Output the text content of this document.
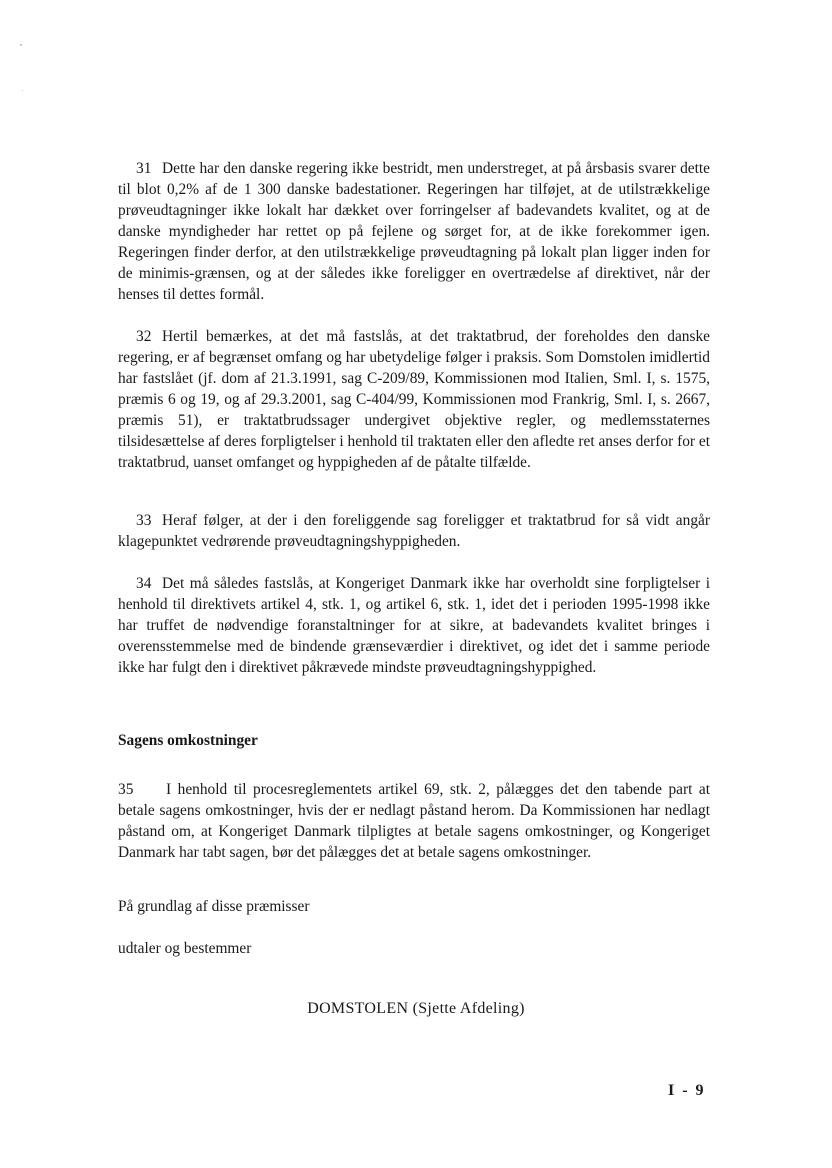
31 Dette har den danske regering ikke bestridt, men understreget, at på årsbasis svarer dette til blot 0,2% af de 1 300 danske badestationer. Regeringen har tilføjet, at de utilstrækkelige prøveudtagninger ikke lokalt har dækket over forringelser af badevandets kvalitet, og at de danske myndigheder har rettet op på fejlene og sørget for, at de ikke forekommer igen. Regeringen finder derfor, at den utilstrækkelige prøveudtagning på lokalt plan ligger inden for de minimis-grænsen, og at der således ikke foreligger en overtrædelse af direktivet, når der henses til dettes formål.

32 Hertil bemærkes, at det må fastslås, at det traktatbrud, der foreholdes den danske regering, er af begrænset omfang og har ubetydelige følger i praksis. Som Domstolen imidlertid har fastslået (jf. dom af 21.3.1991, sag C-209/89, Kommissionen mod Italien, Sml. I, s. 1575, præmis 6 og 19, og af 29.3.2001, sag C-404/99, Kommissionen mod Frankrig, Sml. I, s. 2667, præmis 51), er traktatbrudssager undergivet objektive regler, og medlemsstaternes tilsidesættelse af deres forpligtelser i henhold til traktaten eller den afledte ret anses derfor for et traktatbrud, uanset omfanget og hyppigheden af de påtalte tilfælde.

33 Heraf følger, at der i den foreliggende sag foreligger et traktatbrud for så vidt angår klagepunktet vedrørende prøveudtagningshyppigheden.

34 Det må således fastslås, at Kongeriget Danmark ikke har overholdt sine forpligtelser i henhold til direktivets artikel 4, stk. 1, og artikel 6, stk. 1, idet det i perioden 1995-1998 ikke har truffet de nødvendige foranstaltninger for at sikre, at badevandets kvalitet bringes i overensstemmelse med de bindende grænseværdier i direktivet, og idet det i samme periode ikke har fulgt den i direktivet påkrævede mindste prøveudtagningshyppighed.

Sagens omkostninger

35 I henhold til procesreglementets artikel 69, stk. 2, pålægges det den tabende part at betale sagens omkostninger, hvis der er nedlagt påstand herom. Da Kommissionen har nedlagt påstand om, at Kongeriget Danmark tilpligtes at betale sagens omkostninger, og Kongeriget Danmark har tabt sagen, bør det pålægges det at betale sagens omkostninger.

På grundlag af disse præmisser

udtaler og bestemmer

DOMSTOLEN (Sjette Afdeling)
I - 9
